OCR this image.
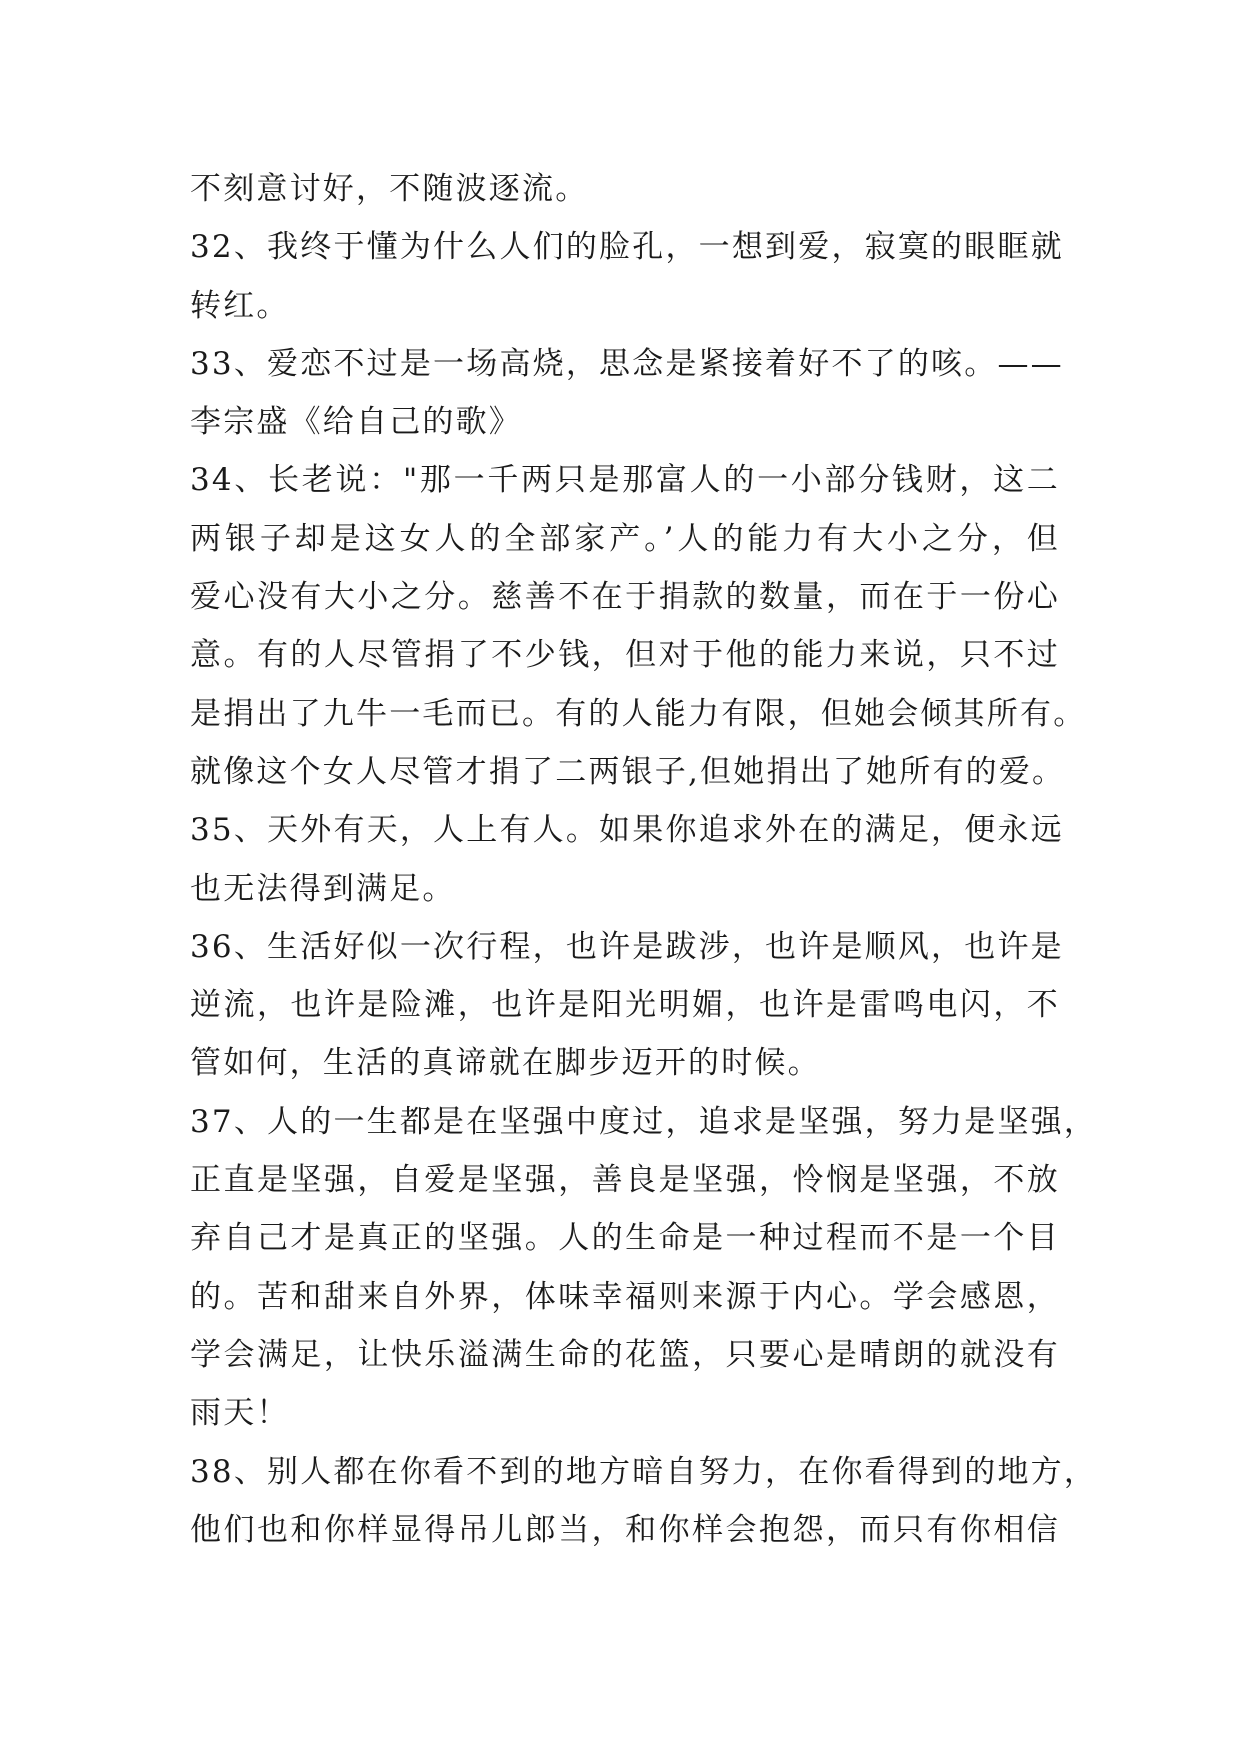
不刻意讨好，不随波逐流。
32、我终于懂为什么人们的脸孔，一想到爱，寂寞的眼眶就
转红。
33、爱恋不过是一场高烧，思念是紧接着好不了的咳。——
李宗盛《给自己的歌》
34、长老说："那一千两只是那富人的一小部分钱财，这二
两银子却是这女人的全部家产。’人的能力有大小之分，但
爱心没有大小之分。慈善不在于捐款的数量，而在于一份心
意。有的人尽管捐了不少钱，但对于他的能力来说，只不过
是捐出了九牛一毛而已。有的人能力有限，但她会倾其所有。
就像这个女人尽管才捐了二两银子,但她捐出了她所有的爱。
35、天外有天，人上有人。如果你追求外在的满足，便永远
也无法得到满足。
36、生活好似一次行程，也许是跋涉，也许是顺风，也许是
逆流，也许是险滩，也许是阳光明媚，也许是雷鸣电闪，不
管如何，生活的真谛就在脚步迈开的时候。
37、人的一生都是在坚强中度过，追求是坚强，努力是坚强，
正直是坚强，自爱是坚强，善良是坚强，怜悯是坚强，不放
弃自己才是真正的坚强。人的生命是一种过程而不是一个目
的。苦和甜来自外界，体味幸福则来源于内心。学会感恩，
学会满足，让快乐溢满生命的花篮，只要心是晴朗的就没有
雨天！
38、别人都在你看不到的地方暗自努力，在你看得到的地方，
他们也和你样显得吊儿郎当，和你样会抱怨，而只有你相信
